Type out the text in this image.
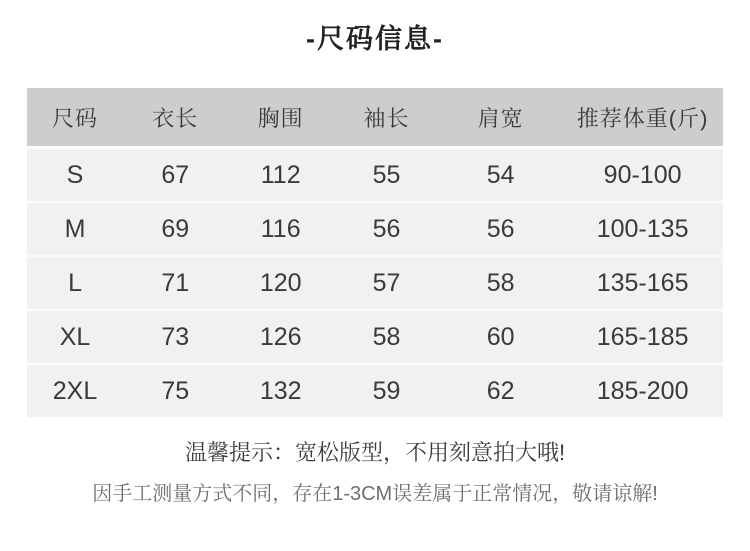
-尺码信息-
尺码	衣长	胸围	袖长	肩宽	推荐体重(斤)
S	67	112	55	54	90-100
M	69	116	56	56	100-135
L	71	120	57	58	135-165
XL	73	126	58	60	165-185
2XL	75	132	59	62	185-200

温馨提示：宽松版型，不用刻意拍大哦!

因手工测量方式不同，存在1-3CM误差属于正常情况，敬请谅解!
